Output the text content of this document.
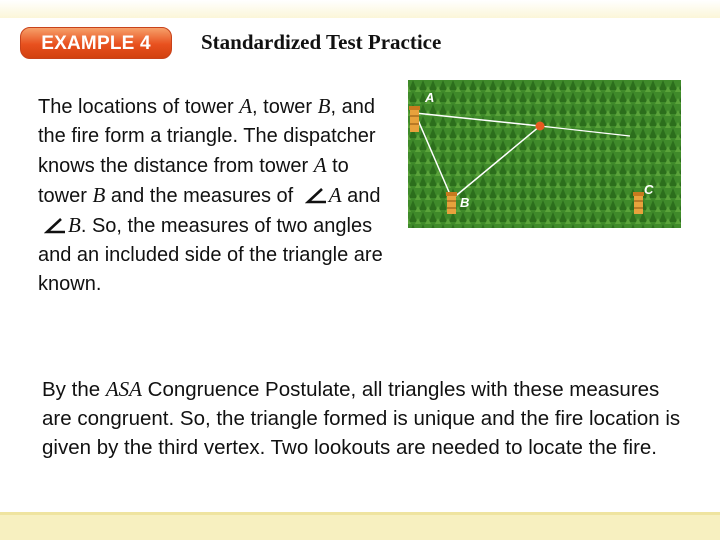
EXAMPLE 4	Standardized Test Practice
The locations of tower A, tower B, and the fire form a triangle. The dispatcher knows the distance from tower A to tower B and the measures of A and B. So, the measures of two angles and an included side of the triangle are known.
A
B
C
By the ASA Congruence Postulate, all triangles with these measures are congruent. So, the triangle formed is unique and the fire location is given by the third vertex. Two lookouts are needed to locate the fire.
